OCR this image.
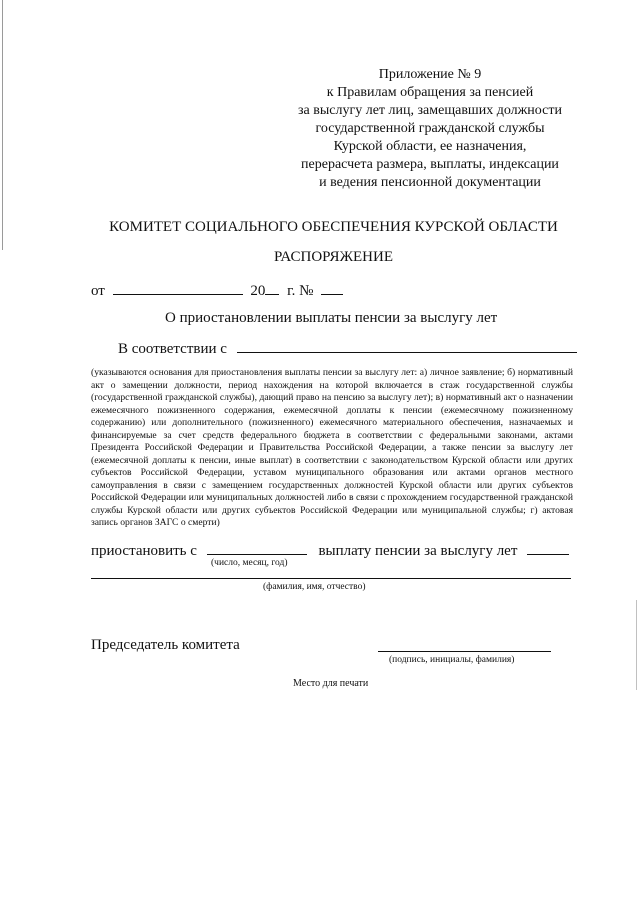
Приложение № 9
к Правилам обращения за пенсией
за выслугу лет лиц, замещавших должности
государственной гражданской службы
Курской области, ее назначения,
перерасчета размера, выплаты, индексации
и ведения пенсионной документации
КОМИТЕТ СОЦИАЛЬНОГО ОБЕСПЕЧЕНИЯ КУРСКОЙ ОБЛАСТИ
РАСПОРЯЖЕНИЕ
от	20 г. №
О приостановлении выплаты пенсии за выслугу лет
В соответствии с
(указываются основания для приостановления выплаты пенсии за выслугу лет: а) личное заявление; б) нормативный акт о замещении должности, период нахождения на которой включается в стаж государственной службы (государственной гражданской службы), дающий право на пенсию за выслугу лет); в) нормативный акт о назначении ежемесячного пожизненного содержания, ежемесячной доплаты к пенсии (ежемесячному пожизненному содержанию) или дополнительного (пожизненного) ежемесячного материального обеспечения, назначаемых и финансируемые за счет средств федерального бюджета в соответствии с федеральными законами, актами Президента Российской Федерации и Правительства Российской Федерации, а также пенсии за выслугу лет (ежемесячной доплаты к пенсии, иные выплат) в соответствии с законодательством Курской области или других субъектов Российской Федерации, уставом муниципального образования или актами органов местного самоуправления в связи с замещением государственных должностей Курской области или других субъектов Российской Федерации или муниципальных должностей либо в связи с прохождением государственной гражданской службы Курской области или других субъектов Российской Федерации или муниципальной службы; г) актовая запись органов ЗАГС о смерти)
приостановить с	выплату пенсии за выслугу лет
(число, месяц, год)
(фамилия, имя, отчество)
Председатель комитета
(подпись, инициалы, фамилия)
Место для печати
